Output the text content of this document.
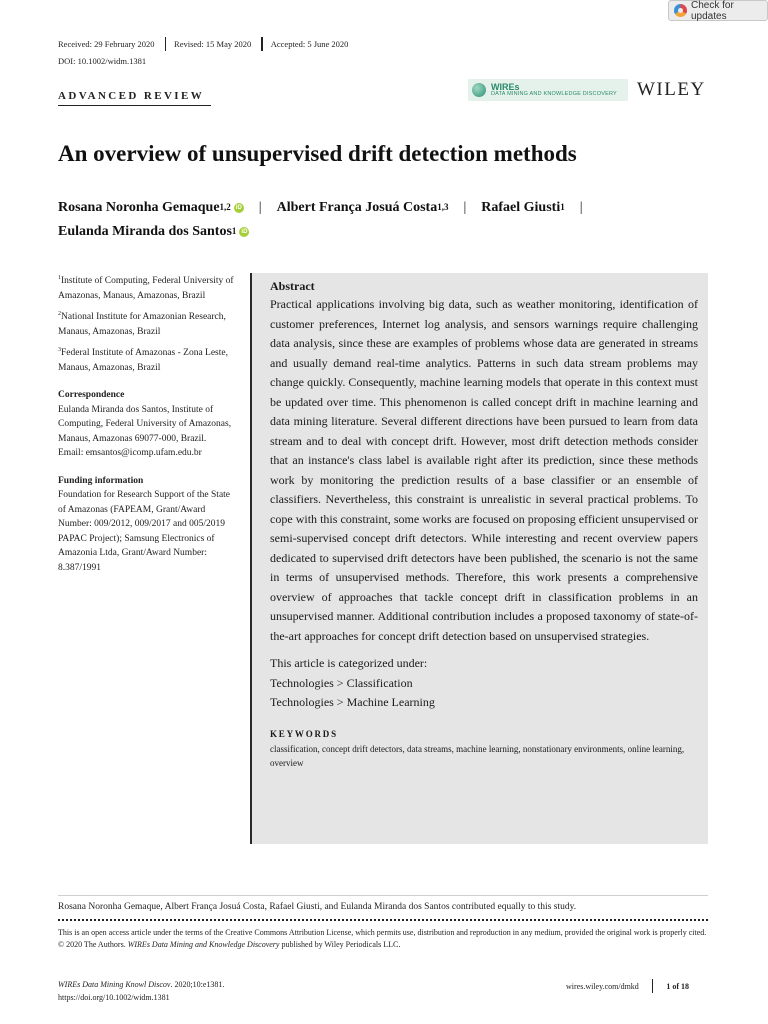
Check for updates
Received: 29 February 2020 Revised: 15 May 2020 Accepted: 5 June 2020
DOI: 10.1002/widm.1381
ADVANCED REVIEW
WIREs
DATA MINING AND KNOWLEDGE DISCOVERY WILEY
An overview of unsupervised drift detection methods
Rosana Noronha Gemaque$^{1,2}$ iD | Albert França Josuá Costa$^{1,3}$ | Rafael Giusti$^1$ |
Eulanda Miranda dos Santos$^1$ iD
$^1$Institute of Computing, Federal University of Amazonas, Manaus, Amazonas, Brazil
$^2$National Institute for Amazonian Research, Manaus, Amazonas, Brazil
$^3$Federal Institute of Amazonas - Zona Leste, Manaus, Amazonas, Brazil
Correspondence
Eulanda Miranda dos Santos, Institute of Computing, Federal University of Amazonas, Manaus, Amazonas 69077-000, Brazil.
Email: emsantos@icomp.ufam.edu.br
Funding information
Foundation for Research Support of the State of Amazonas (FAPEAM, Grant/Award Number: 009/2012, 009/2017 and 005/2019 PAPAC Project); Samsung Electronics of Amazonia Ltda, Grant/Award Number: 8.387/1991
Abstract

Practical applications involving big data, such as weather monitoring, identification of customer preferences, Internet log analysis, and sensors warnings require challenging data analysis, since these are examples of problems whose data are generated in streams and usually demand real-time analytics. Patterns in such data stream problems may change quickly. Consequently, machine learning models that operate in this context must be updated over time. This phenomenon is called concept drift in machine learning and data mining literature. Several different directions have been pursued to learn from data stream and to deal with concept drift. However, most drift detection methods consider that an instance's class label is available right after its prediction, since these methods work by monitoring the prediction results of a base classifier or an ensemble of classifiers. Nevertheless, this constraint is unrealistic in several practical problems. To cope with this constraint, some works are focused on proposing efficient unsupervised or semi-supervised concept drift detectors. While interesting and recent overview papers dedicated to supervised drift detectors have been published, the scenario is not the same in terms of unsupervised methods. Therefore, this work presents a comprehensive overview of approaches that tackle concept drift in classification problems in an unsupervised manner. Additional contribution includes a proposed taxonomy of state-of-the-art approaches for concept drift detection based on unsupervised strategies.

This article is categorized under:
Technologies > Classification
Technologies > Machine Learning
KEYWORDS
classification, concept drift detectors, data streams, machine learning, nonstationary environments, online learning, overview
Rosana Noronha Gemaque, Albert França Josuá Costa, Rafael Giusti, and Eulanda Miranda dos Santos contributed equally to this study.
This is an open access article under the terms of the Creative Commons Attribution License, which permits use, distribution and reproduction in any medium, provided the original work is properly cited.
© 2020 The Authors. WIREs Data Mining and Knowledge Discovery published by Wiley Periodicals LLC.
WIREs Data Mining Knowl Discov. 2020;10:e1381.
https://doi.org/10.1002/widm.1381
wires.wiley.com/dmkd	1 of 18
